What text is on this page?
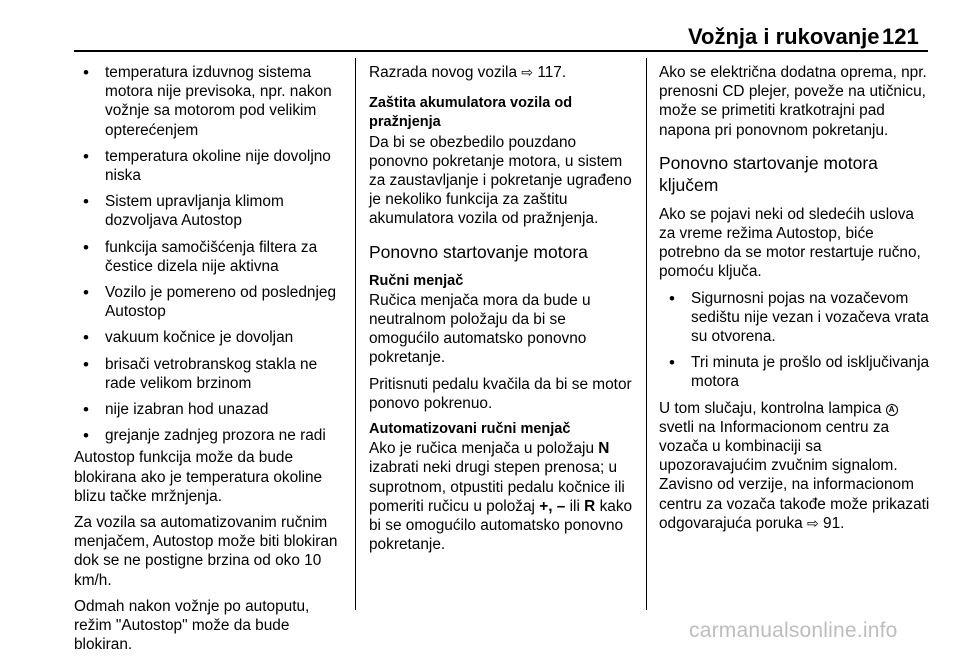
Vožnja i rukovanje 121
• temperatura izduvnog sistema motora nije previsoka, npr. nakon vožnje sa motorom pod velikim opterećenjem
• temperatura okoline nije dovoljno niska
• Sistem upravljanja klimom dozvoljava Autostop
• funkcija samočišćenja filtera za čestice dizela nije aktivna
• Vozilo je pomereno od poslednjeg Autostop
• vakuum kočnice je dovoljan
• brisači vetrobranskog stakla ne rade velikom brzinom
• nije izabran hod unazad
• grejanje zadnjeg prozora ne radi

Autostop funkcija može da bude blokirana ako je temperatura okoline blizu tačke mržnjenja.

Za vozila sa automatizovanim ručnim menjačem, Autostop može biti blokiran dok se ne postigne brzina od oko 10 km/h.

Odmah nakon vožnje po autoputu, režim "Autostop" može da bude blokiran.

Razrada novog vozila ⇨ 117.

Zaštita akumulatora vozila od pražnjenja

Da bi se obezbedilo pouzdano ponovno pokretanje motora, u sistem za zaustavljanje i pokretanje ugrađeno je nekoliko funkcija za zaštitu akumulatora vozila od pražnjenja.

Ponovno startovanje motora
Ručni menjač

Ručica menjača mora da bude u neutralnom položaju da bi se omogućilo automatsko ponovno pokretanje.

Pritisnuti pedalu kvačila da bi se motor ponovo pokrenuo.

Automatizovani ručni menjač

Ako je ručica menjača u položaju N izabrati neki drugi stepen prenosa; u suprotnom, otpustiti pedalu kočnice ili pomeriti ručicu u položaj +, – ili R kako bi se omogućilo automatsko ponovno pokretanje.

Ako se električna dodatna oprema, npr. prenosni CD plejer, poveže na utičnicu, može se primetiti kratkotrajni pad napona pri ponovnom pokretanju.

Ponovno startovanje motora ključem

Ako se pojavi neki od sledećih uslova za vreme režima Autostop, biće potrebno da se motor restartuje ručno, pomoću ključa.

• Sigurnosni pojas na vozačevom sedištu nije vezan i vozačeva vrata su otvorena.
• Tri minuta je prošlo od isključivanja motora

U tom slučaju, kontrolna lampica A svetli na Informacionom centru za vozača u kombinaciji sa upozoravajućim zvučnim signalom. Zavisno od verzije, na informacionom centru za vozača takođe može prikazati odgovarajuća poruka ⇨ 91.

carmanualsonline.info
